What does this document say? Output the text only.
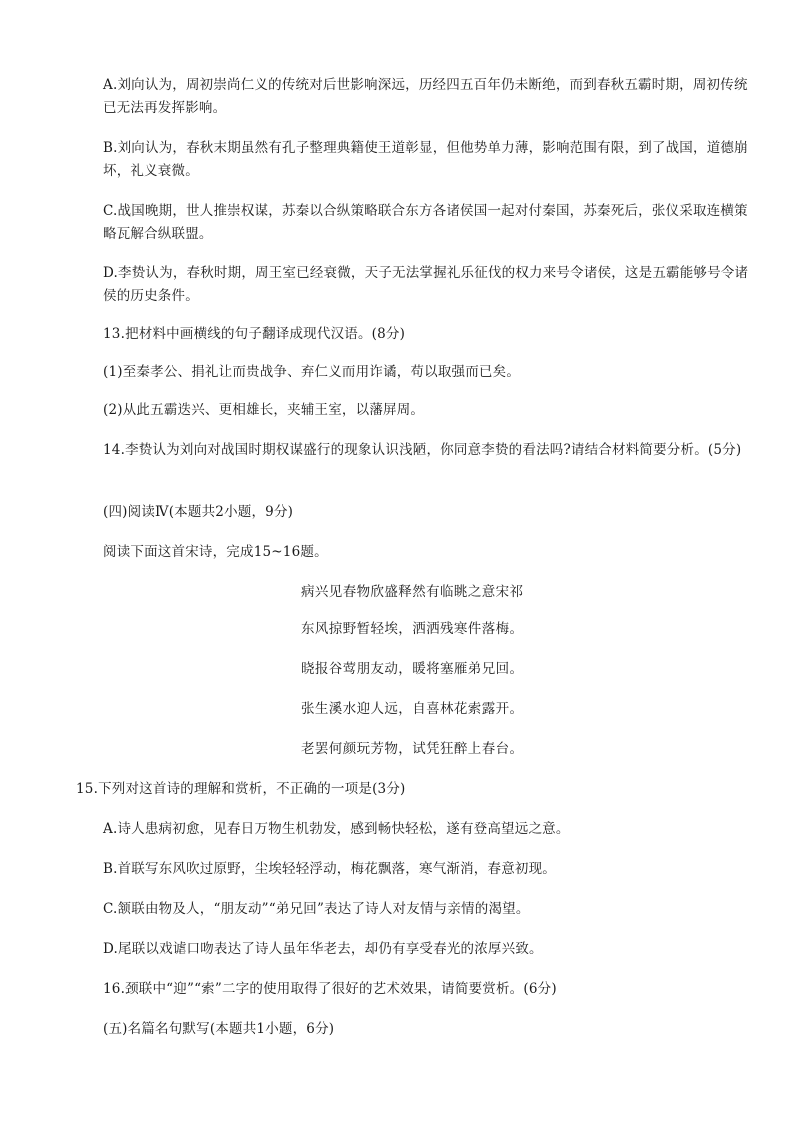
A.刘向认为，周初崇尚仁义的传统对后世影响深远，历经四五百年仍未断绝，而到春秋五霸时期，周初传统已无法再发挥影响。

B.刘向认为，春秋末期虽然有孔子整理典籍使王道彰显，但他势单力薄，影响范围有限，到了战国，道德崩坏，礼义衰微。

C.战国晚期，世人推崇权谋，苏秦以合纵策略联合东方各诸侯国一起对付秦国，苏秦死后，张仪采取连横策略瓦解合纵联盟。

D.李贽认为，春秋时期，周王室已经衰微，天子无法掌握礼乐征伐的权力来号令诸侯，这是五霸能够号令诸侯的历史条件。

13.把材料中画横线的句子翻译成现代汉语。(8分)

(1)至秦孝公、捐礼让而贵战争、弃仁义而用诈谲，苟以取强而已矣。

(2)从此五霸迭兴、更相雄长，夹辅王室，以藩屏周。

14.李贽认为刘向对战国时期权谋盛行的现象认识浅陋，你同意李贽的看法吗?请结合材料简要分析。(5分)

(四)阅读Ⅳ(本题共2小题，9分)

阅读下面这首宋诗，完成15~16题。

病兴见春物欣盛释然有临眺之意宋祁

东风掠野暂轻埃，洒洒残寒件落梅。

晓报谷莺朋友动，暖将塞雁弟兄回。

张生溪水迎人远，自喜林花索露开。

老罢何颜玩芳物，试凭狂醉上春台。

15.下列对这首诗的理解和赏析，不正确的一项是(3分)

A.诗人患病初愈，见春日万物生机勃发，感到畅快轻松，遂有登高望远之意。

B.首联写东风吹过原野，尘埃轻轻浮动，梅花飘落，寒气渐消，春意初现。

C.颔联由物及人，“朋友动”“弟兄回”表达了诗人对友情与亲情的渴望。

D.尾联以戏谑口吻表达了诗人虽年华老去，却仍有享受春光的浓厚兴致。

16.颈联中“迎”“索”二字的使用取得了很好的艺术效果，请简要赏析。(6分)

(五)名篇名句默写(本题共1小题，6分)
